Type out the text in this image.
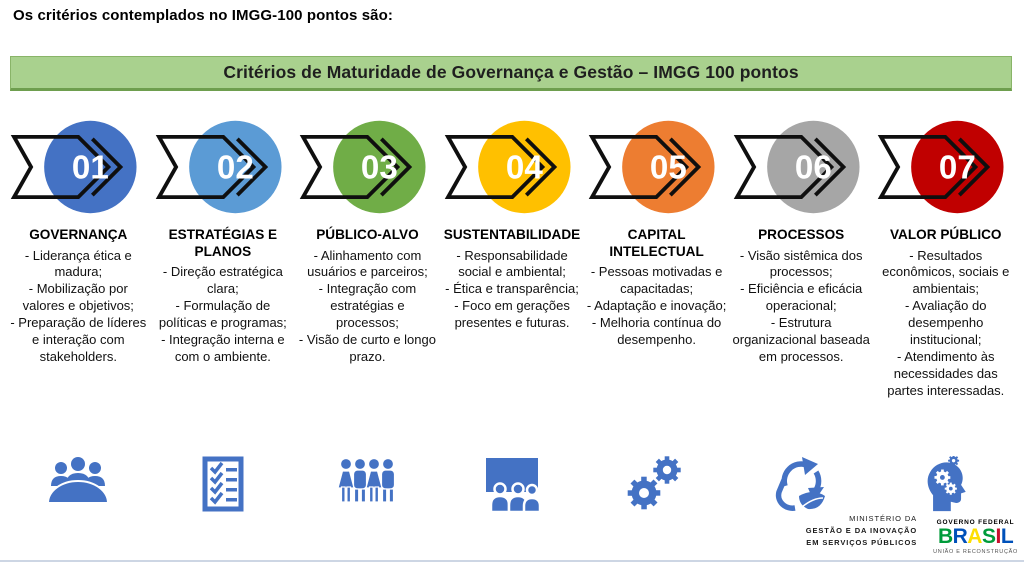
Os critérios contemplados no IMGG-100 pontos são:
Critérios de Maturidade de Governança e Gestão – IMGG 100 pontos
01
GOVERNANÇA
- Liderança ética e madura;
- Mobilização por valores e objetivos;
- Preparação de líderes e interação com stakeholders.
02
ESTRATÉGIAS E PLANOS
- Direção estratégica clara;
- Formulação de políticas e programas;
- Integração interna e com o ambiente.
03
PÚBLICO-ALVO
- Alinhamento com usuários e parceiros;
- Integração com estratégias e processos;
- Visão de curto e longo prazo.
04
SUSTENTABILIDADE
- Responsabilidade social e ambiental;
- Ética e transparência;
- Foco em gerações presentes e futuras.
05
CAPITAL INTELECTUAL
- Pessoas motivadas e capacitadas;
- Adaptação e inovação;
- Melhoria contínua do desempenho.
06
PROCESSOS
- Visão sistêmica dos processos;
- Eficiência e eficácia operacional;
- Estrutura organizacional baseada em processos.
07
VALOR PÚBLICO
- Resultados econômicos, sociais e ambientais;
- Avaliação do desempenho institucional;
- Atendimento às necessidades das partes interessadas.
MINISTÉRIO DA
GESTÃO E DA INOVAÇÃO
EM SERVIÇOS PÚBLICOS
GOVERNO FEDERAL
BRASIL
UNIÃO E RECONSTRUÇÃO
